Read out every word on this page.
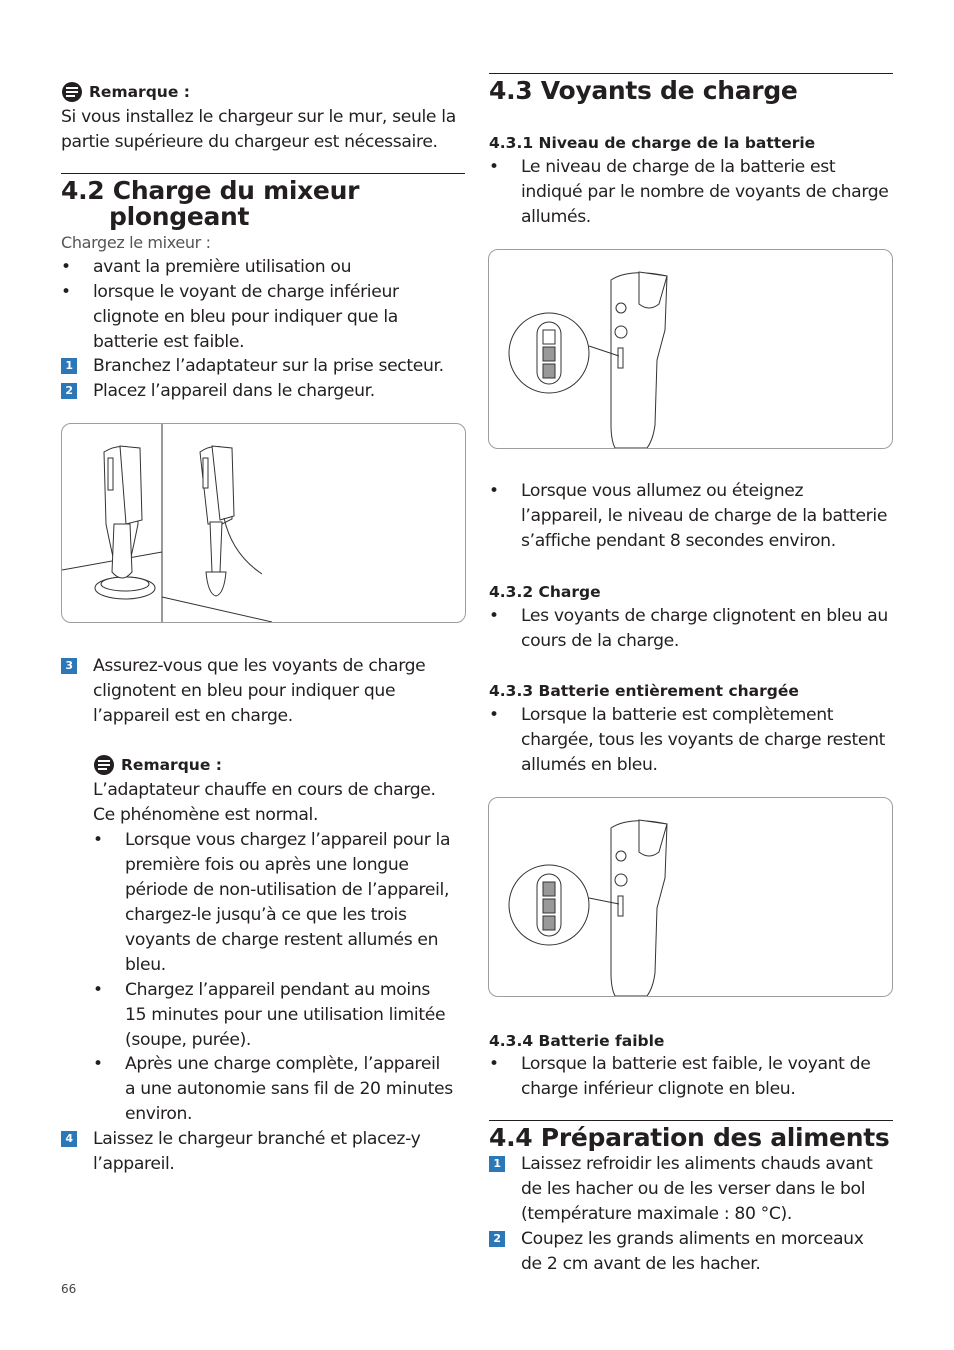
Remarque :
Si vous installez le chargeur sur le mur, seule la partie supérieure du chargeur est nécessaire.
4.2 Charge du mixeur
plongeant
Chargez le mixeur :
•	avant la première utilisation ou
•	lorsque le voyant de charge inférieur clignote en bleu pour indiquer que la batterie est faible.
1 Branchez l’adaptateur sur la prise secteur.
2 Placez l’appareil dans le chargeur.
3 Assurez-vous que les voyants de charge clignotent en bleu pour indiquer que l’appareil est en charge.
Remarque :
L’adaptateur chauffe en cours de charge. Ce phénomène est normal.
•	Lorsque vous chargez l’appareil pour la première fois ou après une longue période de non-utilisation de l’appareil, chargez-le jusqu’à ce que les trois voyants de charge restent allumés en bleu.
•	Chargez l’appareil pendant au moins 15 minutes pour une utilisation limitée (soupe, purée).
•	Après une charge complète, l’appareil a une autonomie sans fil de 20 minutes environ.
4 Laissez le chargeur branché et placez-y l’appareil.
66
4.3 Voyants de charge
4.3.1 Niveau de charge de la batterie
•	Le niveau de charge de la batterie est indiqué par le nombre de voyants de charge allumés.
•	Lorsque vous allumez ou éteignez l’appareil, le niveau de charge de la batterie s’affiche pendant 8 secondes environ.
4.3.2 Charge
•	Les voyants de charge clignotent en bleu au cours de la charge.
4.3.3 Batterie entièrement chargée
•	Lorsque la batterie est complètement chargée, tous les voyants de charge restent allumés en bleu.
4.3.4 Batterie faible
•	Lorsque la batterie est faible, le voyant de charge inférieur clignote en bleu.
4.4 Préparation des aliments
1 Laissez refroidir les aliments chauds avant de les hacher ou de les verser dans le bol (température maximale : 80 °C).
2 Coupez les grands aliments en morceaux de 2 cm avant de les hacher.
